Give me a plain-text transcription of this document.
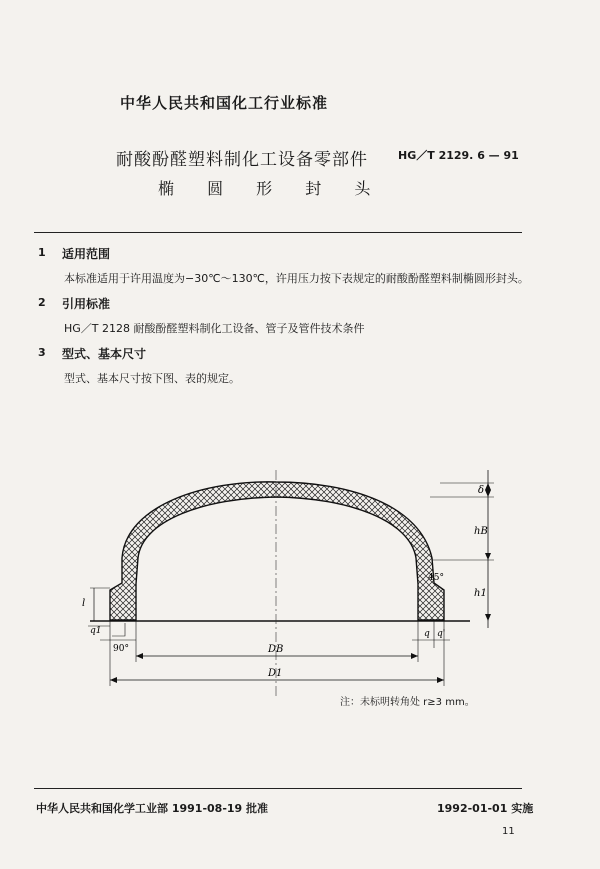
中华人民共和国化工行业标准
耐酸酚醛塑料制化工设备零部件	HG／T 2129. 6 — 91
椭 圆 形 封 头
1 适用范围
本标准适用于许用温度为−30℃～130℃，许用压力按下表规定的耐酸酚醛塑料制椭圆形封头。
2 引用标准
HG／T 2128 耐酸酚醛塑料制化工设备、管子及管件技术条件
3 型式、基本尺寸
型式、基本尺寸按下图、表的规定。
δ
hB
h1
45°
l
q1
90°	DB
D1
q q'
注：未标明转角处 r≥3 mm。
中华人民共和国化学工业部 1991-08-19 批准	1992-01-01 实施
11
